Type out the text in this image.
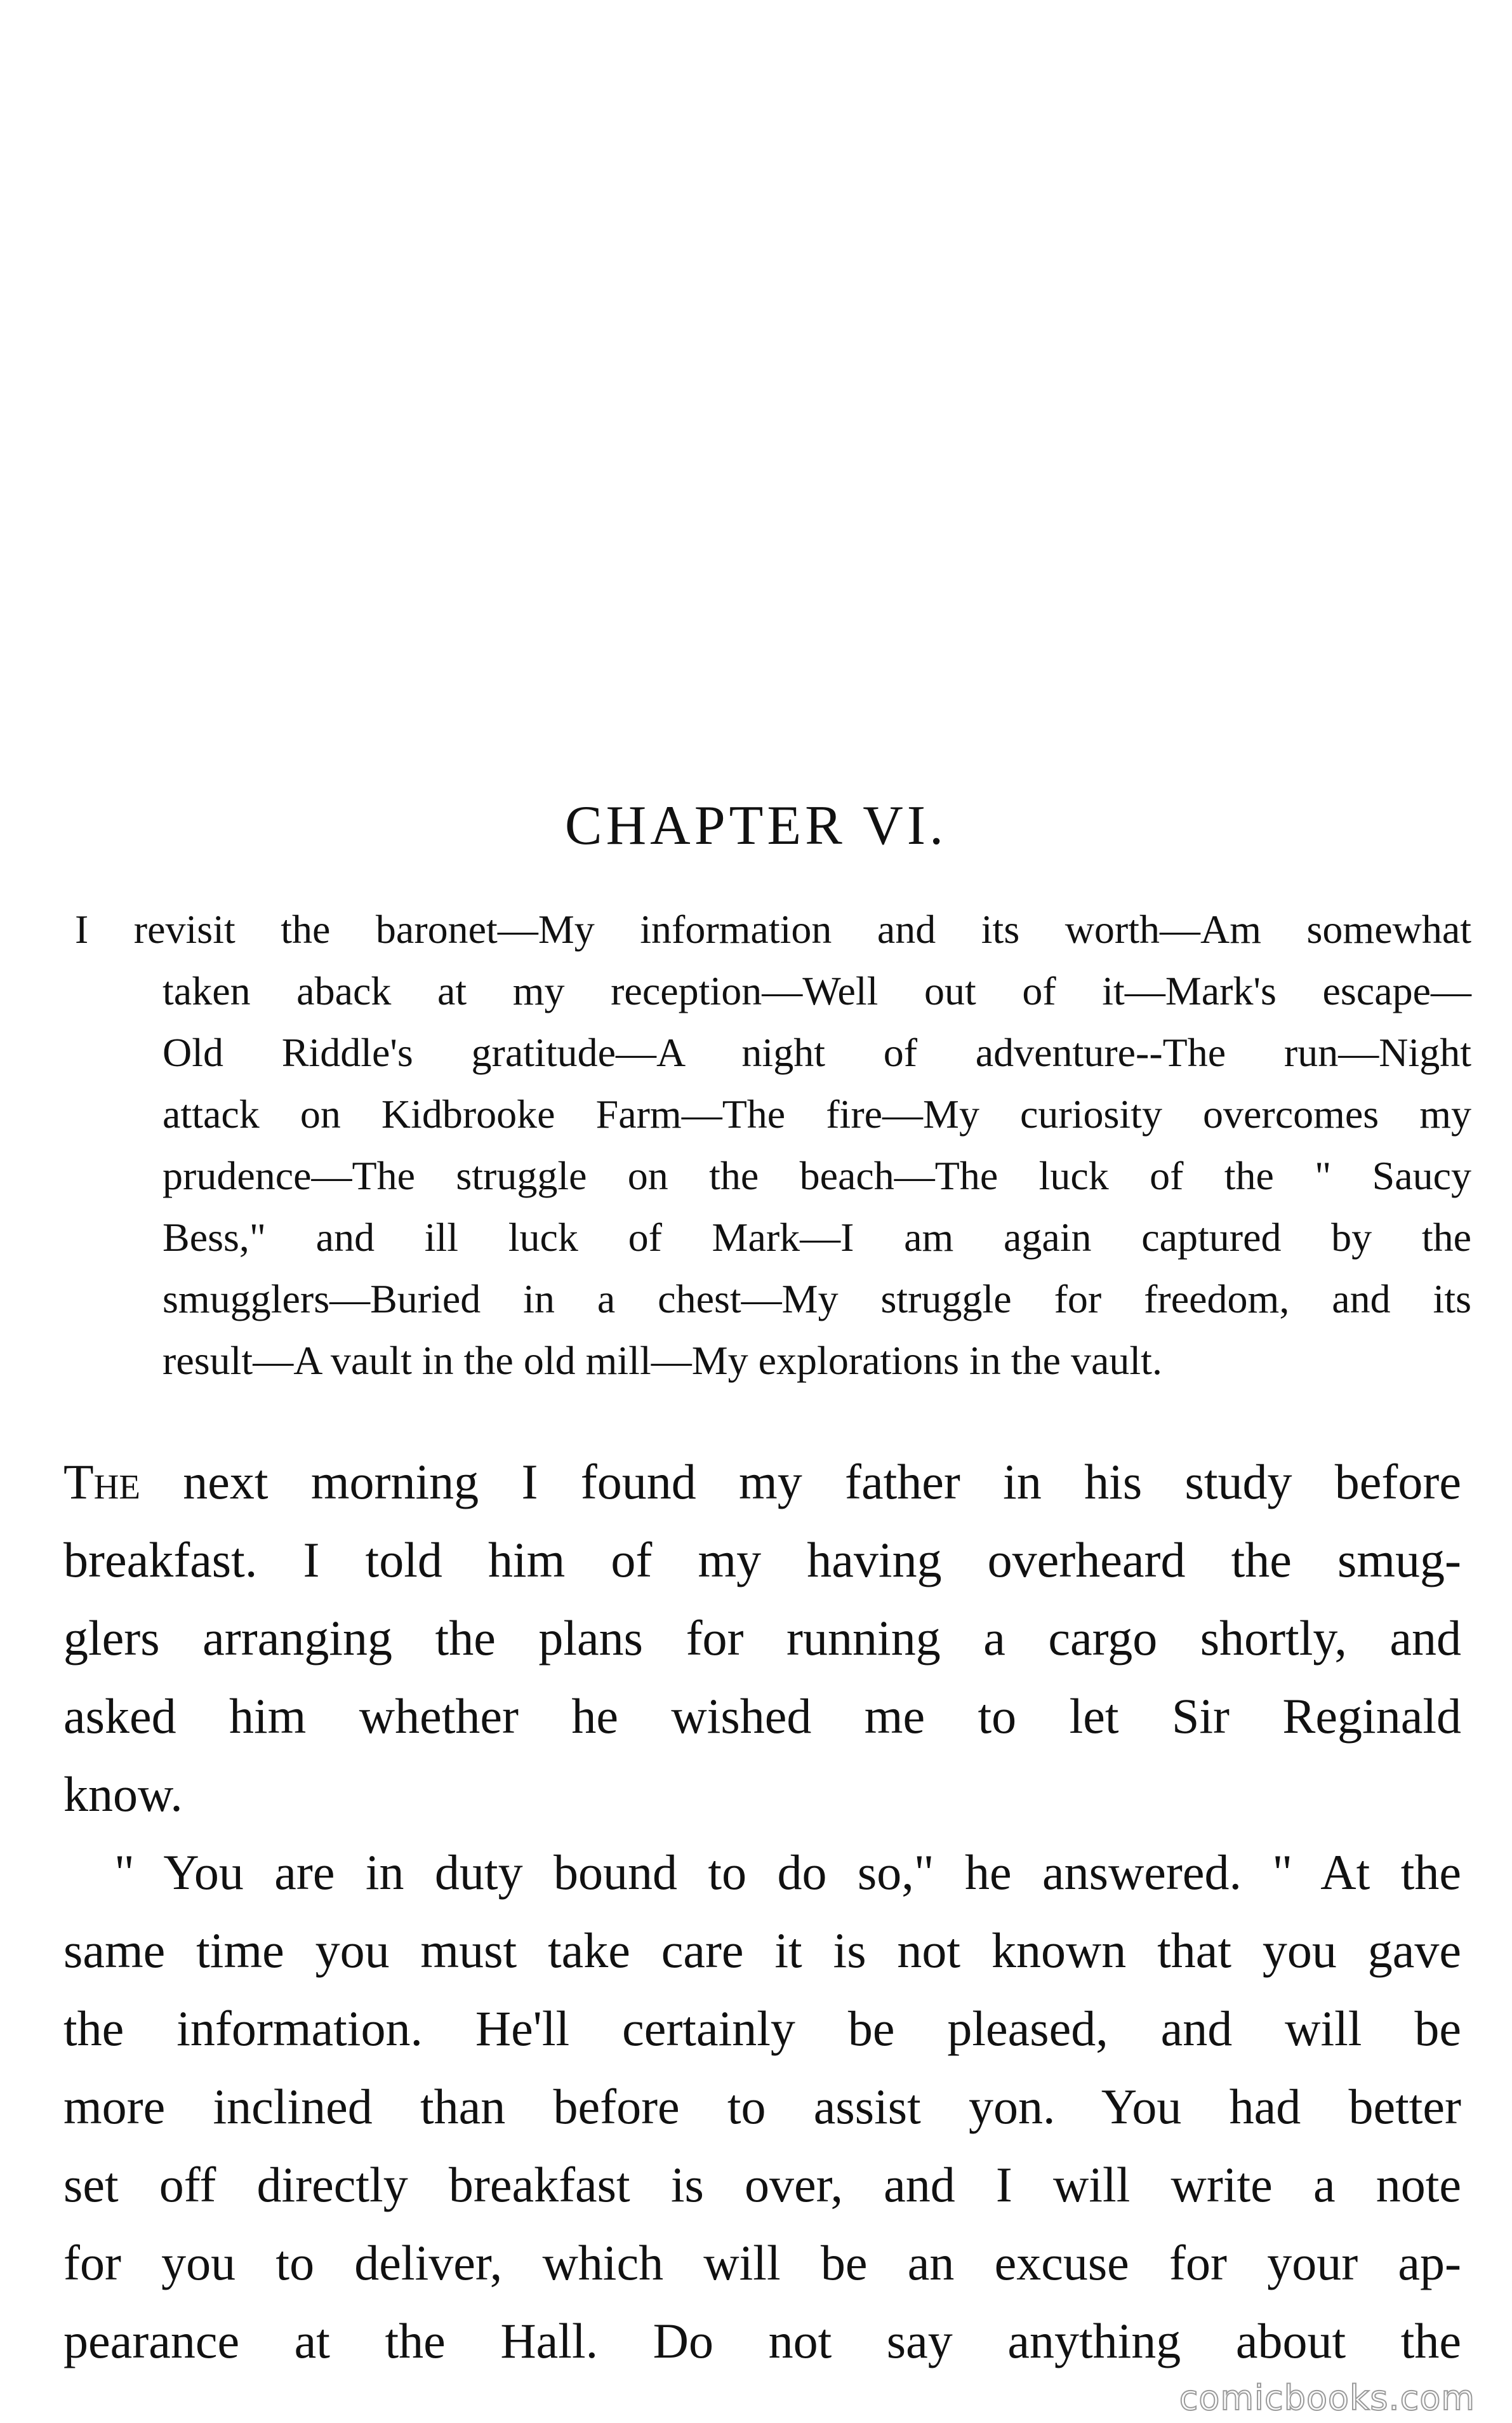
CHAPTER VI.
I revisit the baronet—My information and its worth—Am somewhat
taken aback at my reception—Well out of it—Mark's escape—
Old Riddle's gratitude—A night of adventure--The run—Night
attack on Kidbrooke Farm—The fire—My curiosity overcomes my
prudence—The struggle on the beach—The luck of the " Saucy
Bess," and ill luck of Mark—I am again captured by the
smugglers—Buried in a chest—My struggle for freedom, and its
result—A vault in the old mill—My explorations in the vault.
The next morning I found my father in his study before
breakfast. I told him of my having overheard the smug-
glers arranging the plans for running a cargo shortly, and
asked him whether he wished me to let Sir Reginald
know.
" You are in duty bound to do so," he answered. " At the
same time you must take care it is not known that you gave
the information. He'll certainly be pleased, and will be
more inclined than before to assist yon. You had better
set off directly breakfast is over, and I will write a note
for you to deliver, which will be an excuse for your ap-
pearance at the Hall. Do not say anything about the
comicbooks.com
